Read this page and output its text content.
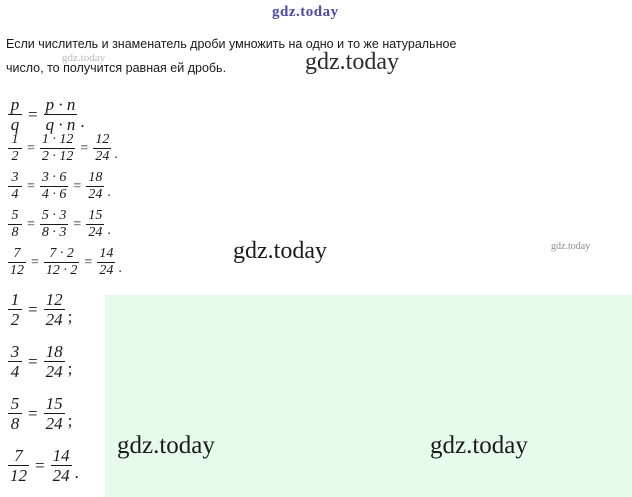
gdz.today
Если числитель и знаменатель дроби умножить на одно и то же натуральное
число, то получится равная ей дробь.
gdz.today	gdz.today
gdz.today	gdz.today
gdz.today	gdz.today
$\frac{p}{q} = \frac{p \cdot n}{q \cdot n}$ .
$\frac{1}{2} = \frac{1 \cdot 12}{2 \cdot 12} = \frac{12}{24}$ .
$\frac{3}{4} = \frac{3 \cdot 6}{4 \cdot 6} = \frac{18}{24}$ .
$\frac{5}{8} = \frac{5 \cdot 3}{8 \cdot 3} = \frac{15}{24}$ .
$\frac{7}{12} = \frac{7 \cdot 2}{12 \cdot 2} = \frac{14}{24}$ .
$\frac{1}{2} = \frac{12}{24}$ ;
$\frac{3}{4} = \frac{18}{24}$ ;
$\frac{5}{8} = \frac{15}{24}$ ;
$\frac{7}{12} = \frac{14}{24}$ .
